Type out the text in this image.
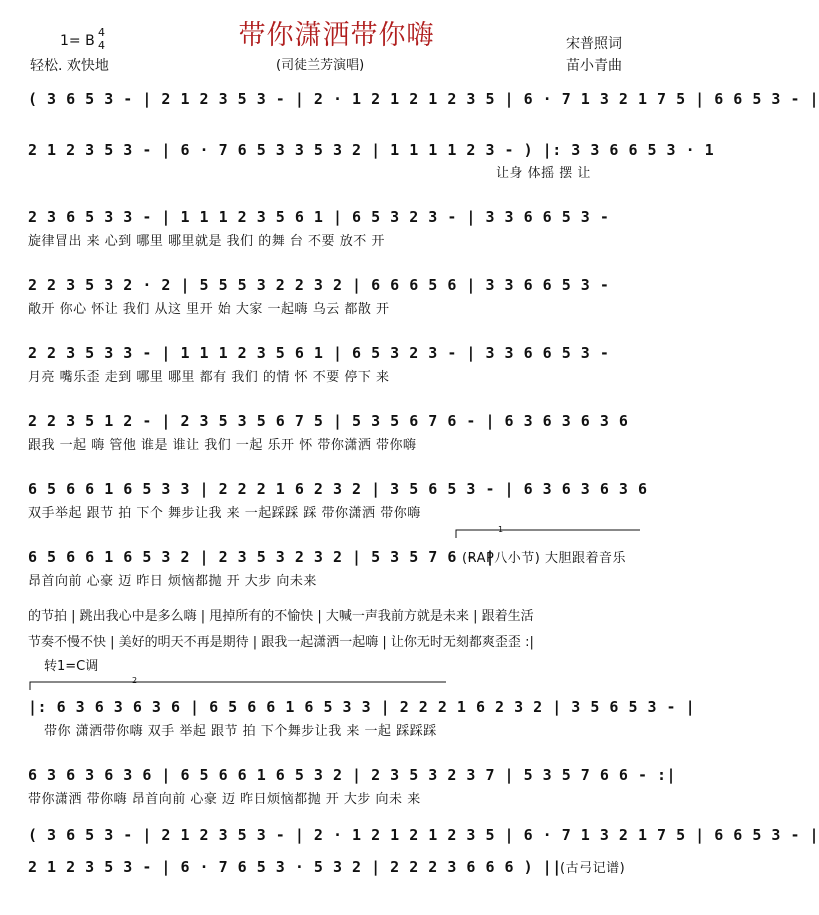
1= B
4
4
轻松. 欢快地
带你潇洒带你嗨
(司徒兰芳演唱)
宋普照词
苗小青曲
( 3 6 5 3 - | 2 1 2 3 5 3 - | 2 · 1 2 1 2 1 2 3 5 | 6 · 7 1 3 2 1 7 5 | 6 6 5 3 - |
2 1 2 3 5 3 - | 6 · 7 6 5 3 3 5 3 2 | 1 1 1 1 2 3 - ) |: 3 3 6 6 5 3 · 1
让身 体摇 摆 让
2 3 6 5 3 3 - | 1 1 1 2 3 5 6 1 | 6 5 3 2 3 - | 3 3 6 6 5 3 -
旋律冒出 来 心到 哪里 哪里就是 我们 的舞 台 不要 放不 开
2 2 3 5 3 2 · 2 | 5 5 5 3 2 2 3 2 | 6 6 6 5 6 | 3 3 6 6 5 3 -
敞开 你心 怀让 我们 从这 里开 始 大家 一起嗨 乌云 都散 开
2 2 3 5 3 3 - | 1 1 1 2 3 5 6 1 | 6 5 3 2 3 - | 3 3 6 6 5 3 -
月亮 嘴乐歪 走到 哪里 哪里 都有 我们 的情 怀 不要 停下 来
2 2 3 5 1 2 - | 2 3 5 3 5 6 7 5 | 5 3 5 6 7 6 - | 6 3 6 3 6 3 6
跟我 一起 嗨 管他 谁是 谁让 我们 一起 乐开 怀 带你潇洒 带你嗨
6 5 6 6 1 6 5 3 3 | 2 2 2 1 6 2 3 2 | 3 5 6 5 3 - | 6 3 6 3 6 3 6
双手举起 跟节 拍 下个 舞步让我 来 一起踩踩 踩 带你潇洒 带你嗨
1
6 5 6 6 1 6 5 3 2 | 2 3 5 3 2 3 2 | 5 3 5 7 6 - |
昂首向前 心豪 迈 昨日 烦恼都抛 开 大步 向未来
(RAP八小节) 大胆跟着音乐
的节拍 | 跳出我心中是多么嗨 | 甩掉所有的不愉快 | 大喊一声我前方就是未来 | 跟着生活
节奏不慢不快 | 美好的明天不再是期待 | 跟我一起潇洒一起嗨 | 让你无时无刻都爽歪歪 :|
转1=C调
2
|: 6 3 6 3 6 3 6 | 6 5 6 6 1 6 5 3 3 | 2 2 2 1 6 2 3 2 | 3 5 6 5 3 - |
带你 潇洒带你嗨 双手 举起 跟节 拍 下个舞步让我 来 一起 踩踩踩
6 3 6 3 6 3 6 | 6 5 6 6 1 6 5 3 2 | 2 3 5 3 2 3 7 | 5 3 5 7 6 6 - :|
带你潇洒 带你嗨 昂首向前 心豪 迈 昨日烦恼都抛 开 大步 向未 来
( 3 6 5 3 - | 2 1 2 3 5 3 - | 2 · 1 2 1 2 1 2 3 5 | 6 · 7 1 3 2 1 7 5 | 6 6 5 3 - |
2 1 2 3 5 3 - | 6 · 7 6 5 3 · 5 3 2 | 2 2 2 3 6 6 6 ) ||
(古弓记谱)
